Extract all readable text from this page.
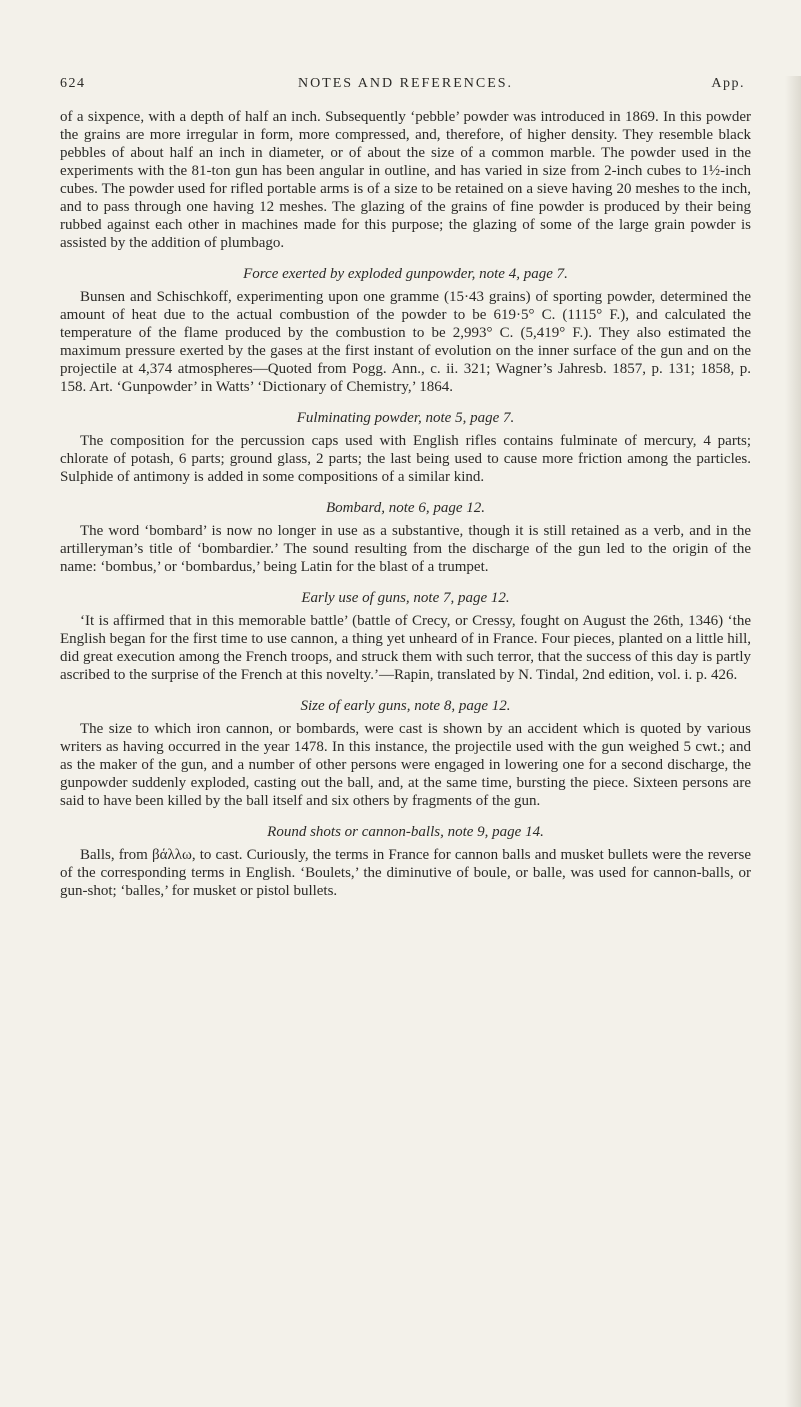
624	NOTES AND REFERENCES.	App.

of a sixpence, with a depth of half an inch. Subsequently ‘pebble’ powder was introduced in 1869. In this powder the grains are more irregular in form, more compressed, and, therefore, of higher density. They resemble black pebbles of about half an inch in diameter, or of about the size of a common marble. The powder used in the experiments with the 81-ton gun has been angular in outline, and has varied in size from 2-inch cubes to 1½-inch cubes. The powder used for rifled portable arms is of a size to be retained on a sieve having 20 meshes to the inch, and to pass through one having 12 meshes. The glazing of the grains of fine powder is produced by their being rubbed against each other in machines made for this purpose; the glazing of some of the large grain powder is assisted by the addition of plumbago.

Force exerted by exploded gunpowder, note 4, page 7.

Bunsen and Schischkoff, experimenting upon one gramme (15·43 grains) of sporting powder, determined the amount of heat due to the actual combustion of the powder to be 619·5° C. (1115° F.), and calculated the temperature of the flame produced by the combustion to be 2,993° C. (5,419° F.). They also estimated the maximum pressure exerted by the gases at the first instant of evolution on the inner surface of the gun and on the projectile at 4,374 atmospheres—Quoted from Pogg. Ann., c. ii. 321; Wagner’s Jahresb. 1857, p. 131; 1858, p. 158. Art. ‘Gunpowder’ in Watts’ ‘Dictionary of Chemistry,’ 1864.

Fulminating powder, note 5, page 7.

The composition for the percussion caps used with English rifles contains fulminate of mercury, 4 parts; chlorate of potash, 6 parts; ground glass, 2 parts; the last being used to cause more friction among the particles. Sulphide of antimony is added in some compositions of a similar kind.

Bombard, note 6, page 12.

The word ‘bombard’ is now no longer in use as a substantive, though it is still retained as a verb, and in the artilleryman’s title of ‘bombardier.’ The sound resulting from the discharge of the gun led to the origin of the name: ‘bombus,’ or ‘bombardus,’ being Latin for the blast of a trumpet.

Early use of guns, note 7, page 12.

‘It is affirmed that in this memorable battle’ (battle of Crecy, or Cressy, fought on August the 26th, 1346) ‘the English began for the first time to use cannon, a thing yet unheard of in France. Four pieces, planted on a little hill, did great execution among the French troops, and struck them with such terror, that the success of this day is partly ascribed to the surprise of the French at this novelty.’—Rapin, translated by N. Tindal, 2nd edition, vol. i. p. 426.

Size of early guns, note 8, page 12.

The size to which iron cannon, or bombards, were cast is shown by an accident which is quoted by various writers as having occurred in the year 1478. In this instance, the projectile used with the gun weighed 5 cwt.; and as the maker of the gun, and a number of other persons were engaged in lowering one for a second discharge, the gunpowder suddenly exploded, casting out the ball, and, at the same time, bursting the piece. Sixteen persons are said to have been killed by the ball itself and six others by fragments of the gun.

Round shots or cannon-balls, note 9, page 14.

Balls, from βάλλω, to cast. Curiously, the terms in France for cannon balls and musket bullets were the reverse of the corresponding terms in English. ‘Boulets,’ the diminutive of boule, or balle, was used for cannon-balls, or gun-shot; ‘balles,’ for musket or pistol bullets.
